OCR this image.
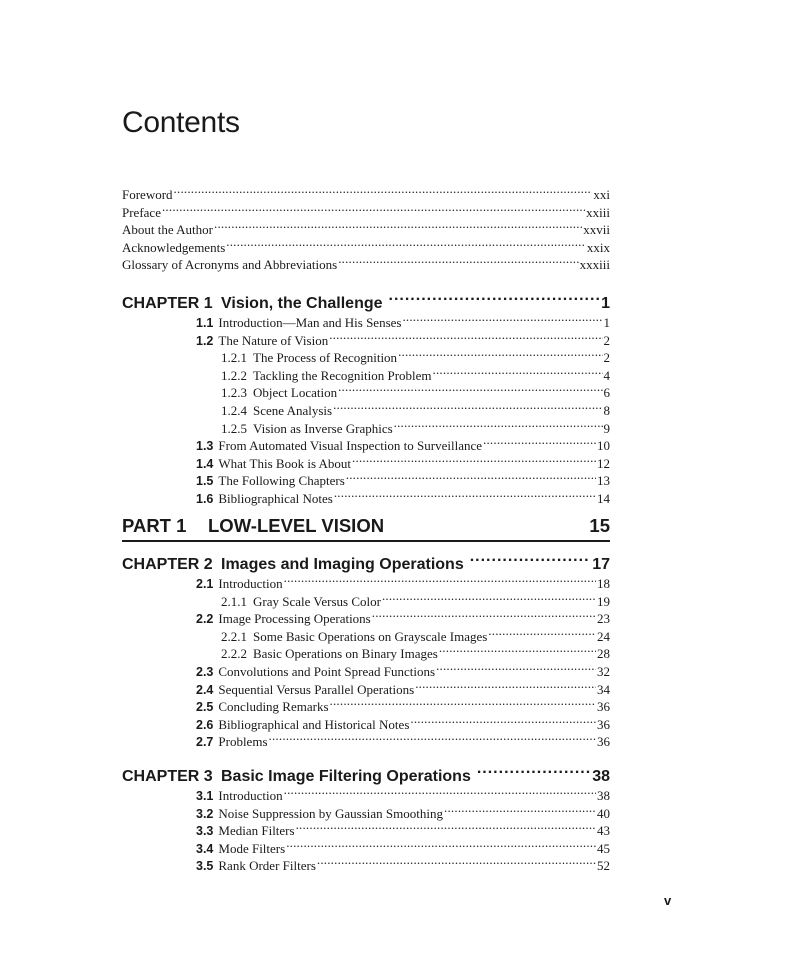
Contents
Foreword .....	xxi
Preface .....	xxiii
About the Author .....	xxvii
Acknowledgements .....	xxix
Glossary of Acronyms and Abbreviations .....	xxxiii
CHAPTER 1 Vision, the Challenge .....	1
1.1 Introduction—Man and His Senses .....	1
1.2 The Nature of Vision .....	2
1.2.1 The Process of Recognition .....	2
1.2.2 Tackling the Recognition Problem .....	4
1.2.3 Object Location .....	6
1.2.4 Scene Analysis .....	8
1.2.5 Vision as Inverse Graphics .....	9
1.3 From Automated Visual Inspection to Surveillance .....	10
1.4 What This Book is About .....	12
1.5 The Following Chapters .....	13
1.6 Bibliographical Notes .....	14
PART 1 LOW-LEVEL VISION	15
CHAPTER 2 Images and Imaging Operations .....	17
2.1 Introduction .....	18
2.1.1 Gray Scale Versus Color .....	19
2.2 Image Processing Operations .....	23
2.2.1 Some Basic Operations on Grayscale Images .....	24
2.2.2 Basic Operations on Binary Images .....	28
2.3 Convolutions and Point Spread Functions .....	32
2.4 Sequential Versus Parallel Operations .....	34
2.5 Concluding Remarks .....	36
2.6 Bibliographical and Historical Notes .....	36
2.7 Problems .....	36
CHAPTER 3 Basic Image Filtering Operations .....	38
3.1 Introduction .....	38
3.2 Noise Suppression by Gaussian Smoothing .....	40
3.3 Median Filters .....	43
3.4 Mode Filters .....	45
3.5 Rank Order Filters .....	52
v
